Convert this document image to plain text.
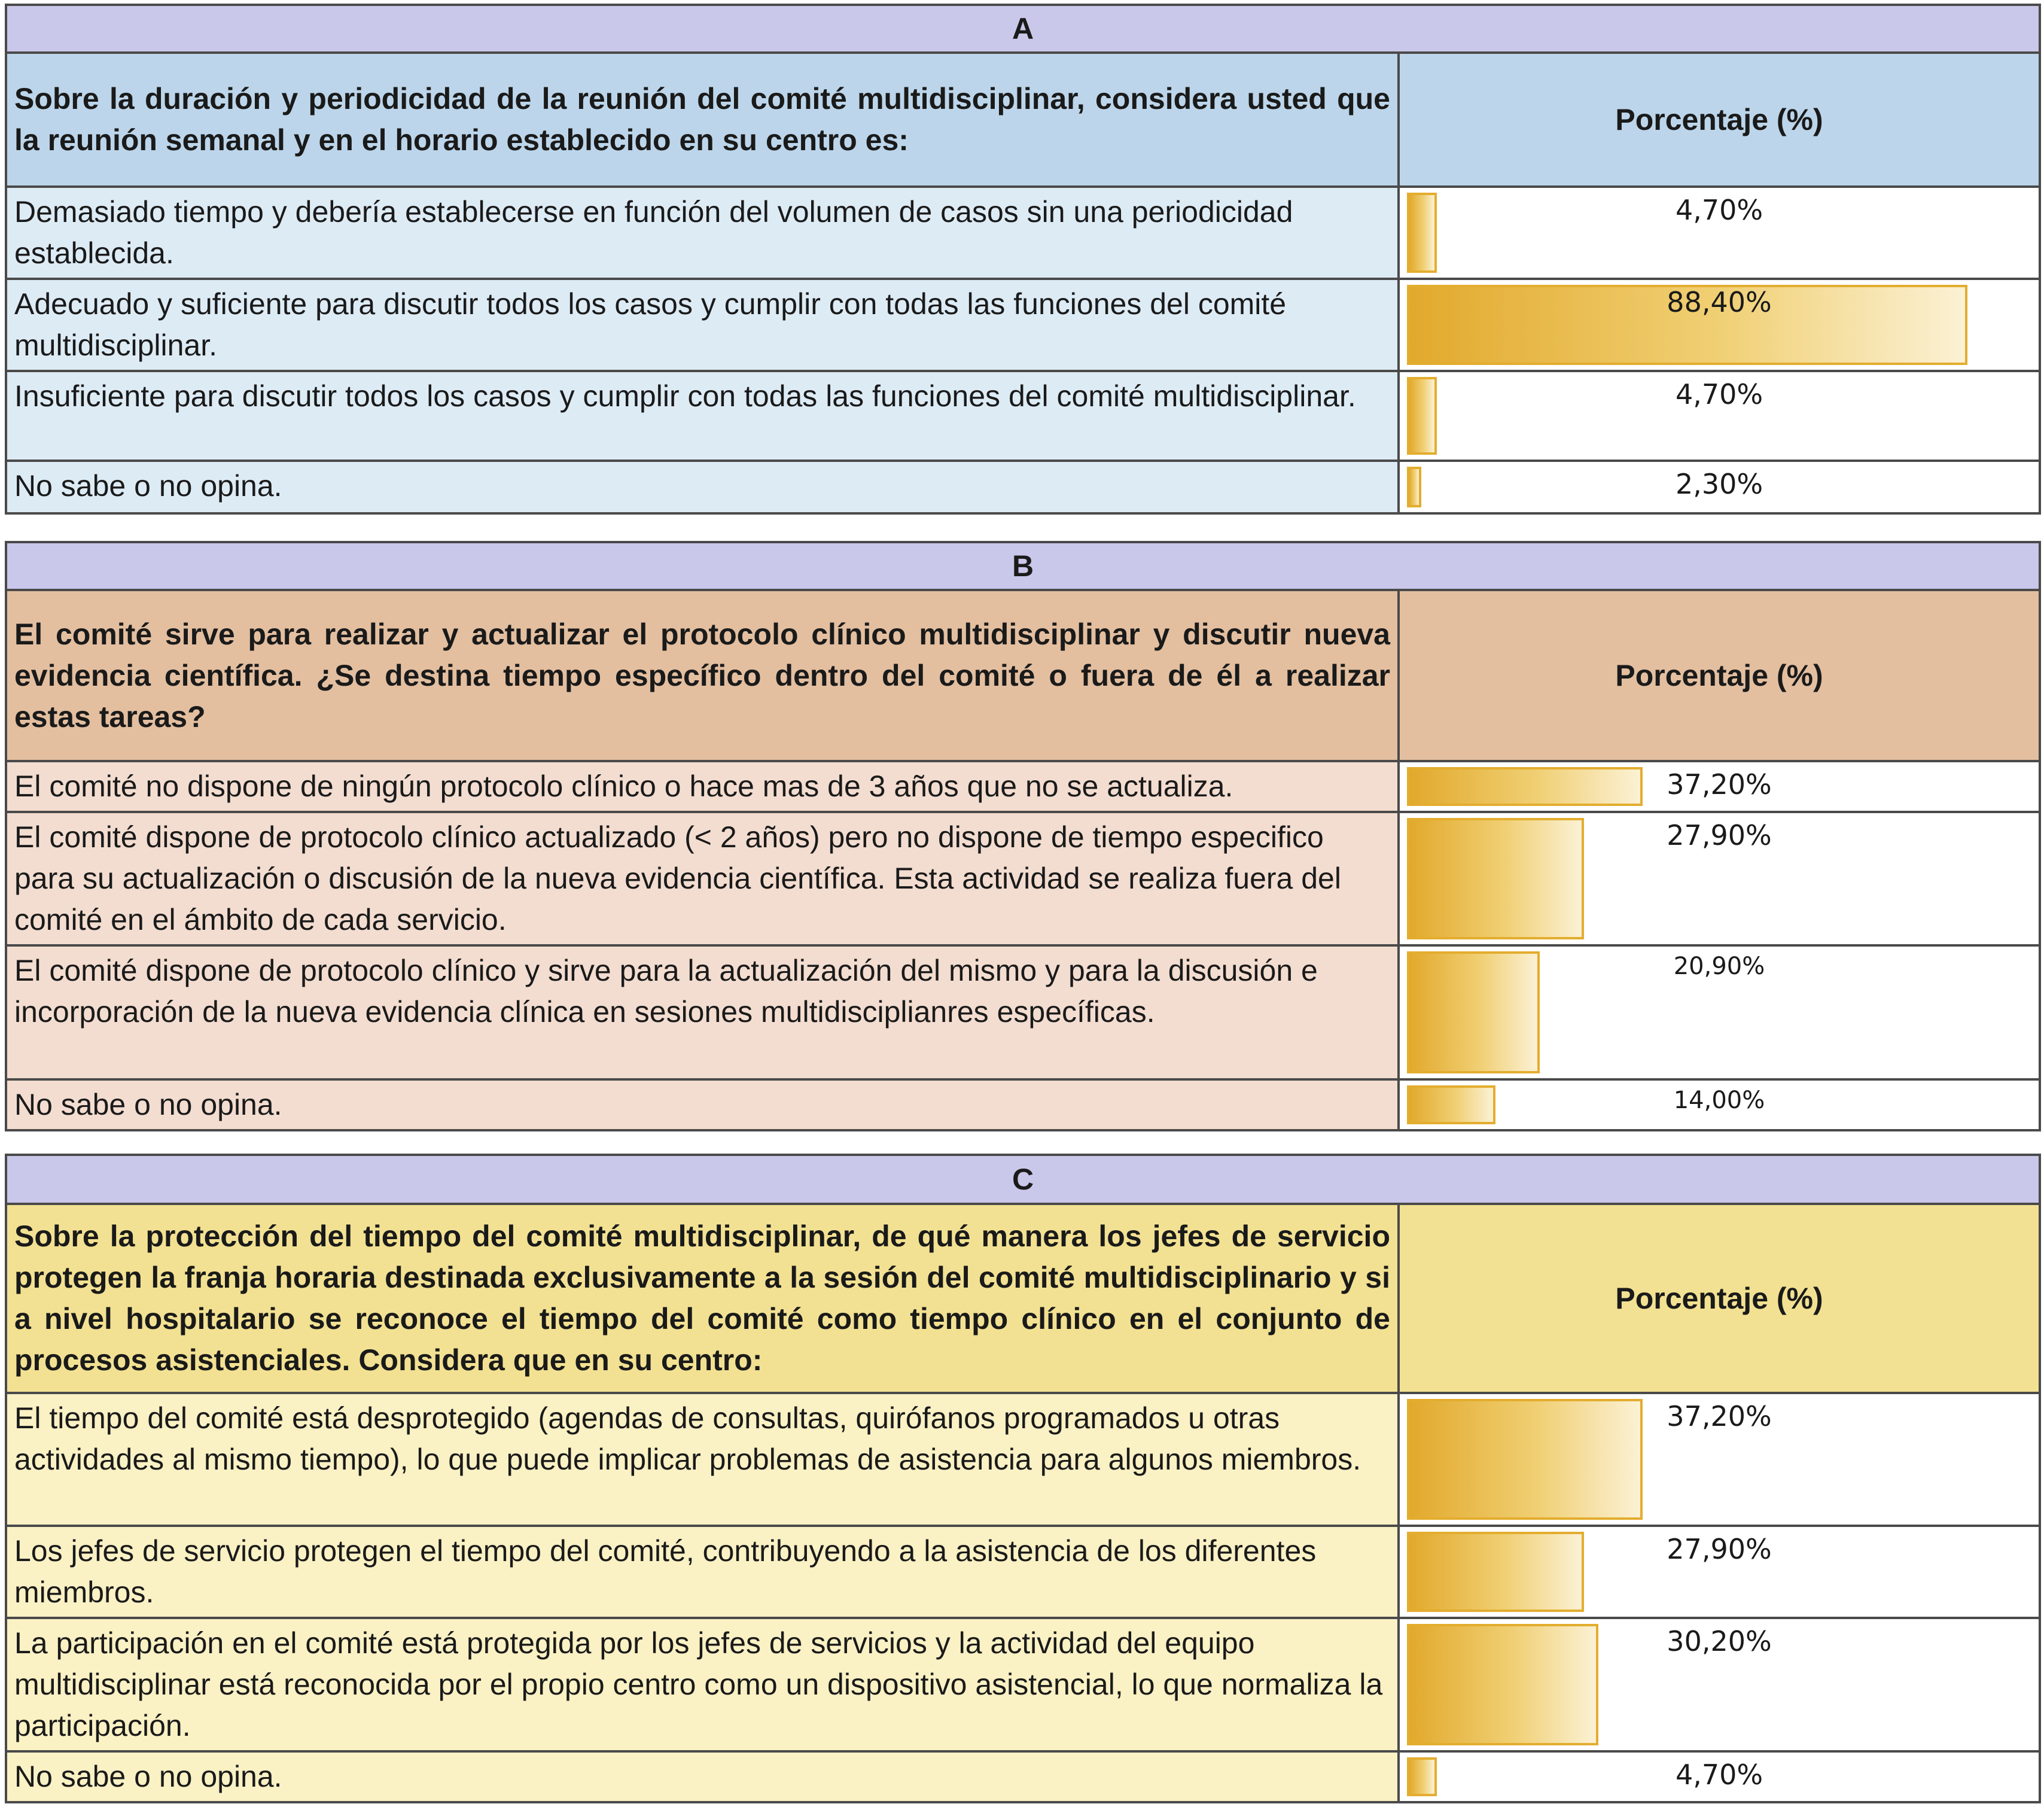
A	
Sobre la duración y periodicidad de la reunión del comité multidisciplinar, considera usted que la reunión semanal y en el horario establecido en su centro es:	Porcentaje (%)
Demasiado tiempo y debería establecerse en función del volumen de casos sin una periodicidad establecida.	4,70%

Adecuado y suficiente para discutir todos los casos y cumplir con todas las funciones del comité multidisciplinar.	88,40%

Insuficiente para discutir todos los casos y cumplir con todas las funciones del comité multidisciplinar.	4,70%

No sabe o no opina.	2,30%
B	
El comité sirve para realizar y actualizar el protocolo clínico multidisciplinar y discutir nueva evidencia científica. ¿Se destina tiempo específico dentro del comité o fuera de él a realizar estas tareas?	Porcentaje (%)
El comité no dispone de ningún protocolo clínico o hace mas de 3 años que no se actualiza.	37,20%

El comité dispone de protocolo clínico actualizado (< 2 años) pero no dispone de tiempo especifico para su actualización o discusión de la nueva evidencia científica. Esta actividad se realiza fuera del comité en el ámbito de cada servicio.	27,90%

El comité dispone de protocolo clínico y sirve para la actualización del mismo y para la discusión e incorporación de la nueva evidencia clínica en sesiones multidisciplianres específicas.	20,90%

No sabe o no opina.	14,00%
C	
Sobre la protección del tiempo del comité multidisciplinar, de qué manera los jefes de servicio protegen la franja horaria destinada exclusivamente a la sesión del comité multidisciplinario y si a nivel hospitalario se reconoce el tiempo del comité como tiempo clínico en el conjunto de procesos asistenciales. Considera que en su centro:	Porcentaje (%)
El tiempo del comité está desprotegido (agendas de consultas, quirófanos programados u otras actividades al mismo tiempo), lo que puede implicar problemas de asistencia para algunos miembros.	37,20%

Los jefes de servicio protegen el tiempo del comité, contribuyendo a la asistencia de los diferentes miembros.	27,90%

La participación en el comité está protegida por los jefes de servicios y la actividad del equipo multidisciplinar está reconocida por el propio centro como un dispositivo asistencial, lo que normaliza la participación.	30,20%

No sabe o no opina.	4,70%
